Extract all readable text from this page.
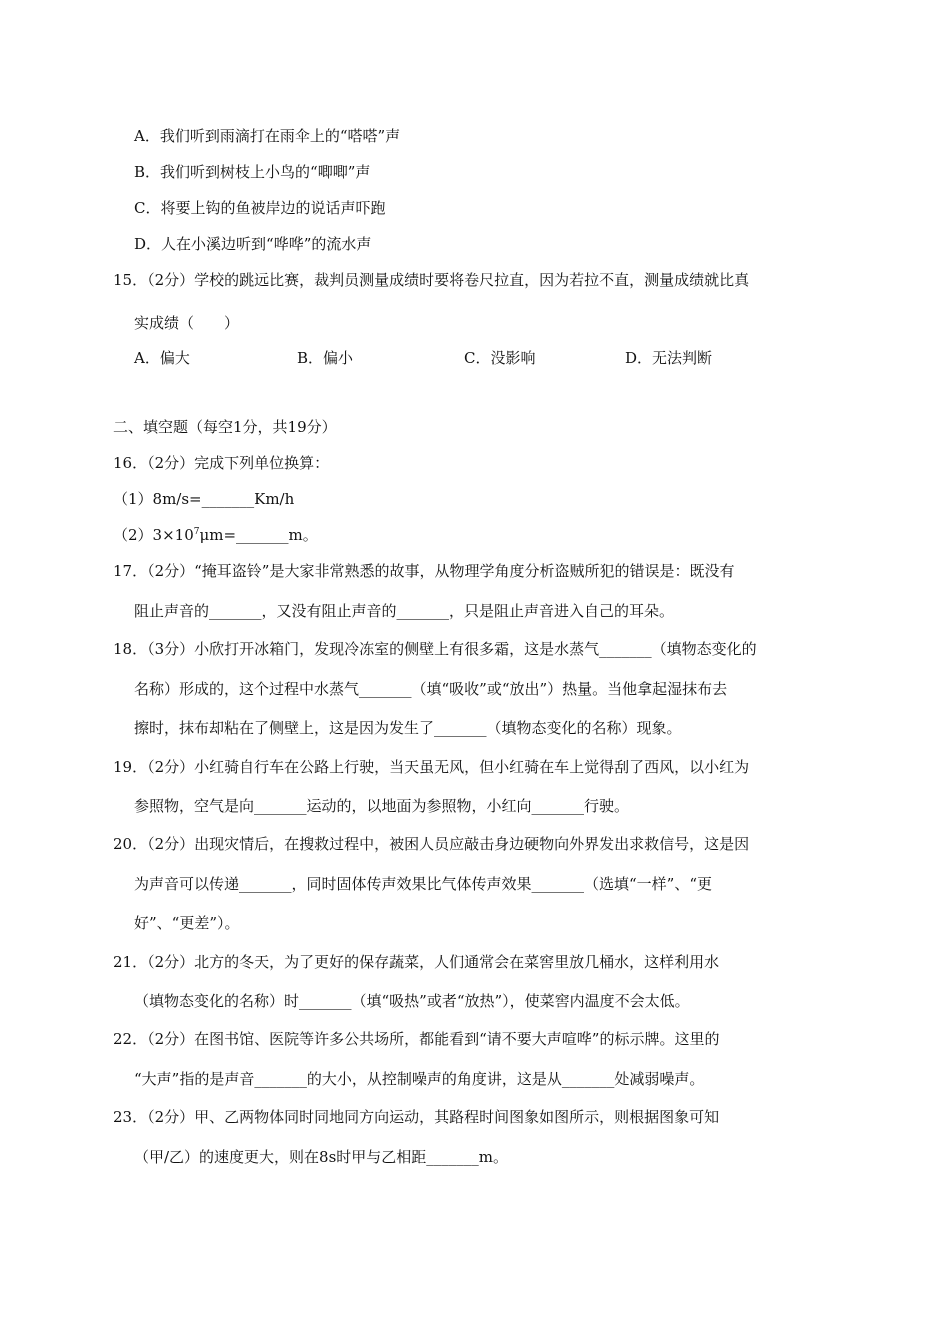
A．我们听到雨滴打在雨伞上的“嗒嗒”声
B．我们听到树枝上小鸟的“唧唧”声
C．将要上钩的鱼被岸边的说话声吓跑
D．人在小溪边听到“哗哗”的流水声
15．（2分）学校的跳远比赛，裁判员测量成绩时要将卷尺拉直，因为若拉不直，测量成绩就比真
实成绩（　　）
A．偏大	B．偏小	C．没影响	D．无法判断
二、填空题（每空1分，共19分）
16．（2分）完成下列单位换算：
（1）8m/s=_______Km/h
$(2)3\times 10^7\mu m=\_\_\_\_\_\_\_m$。
17．（2分）“掩耳盗铃”是大家非常熟悉的故事，从物理学角度分析盗贼所犯的错误是：既没有
阻止声音的_______，又没有阻止声音的_______，只是阻止声音进入自己的耳朵。
18．（3分）小欣打开冰箱门，发现冷冻室的侧壁上有很多霜，这是水蒸气_______（填物态变化的
名称）形成的，这个过程中水蒸气_______（填“吸收”或“放出”）热量。当他拿起湿抹布去
擦时，抹布却粘在了侧壁上，这是因为发生了_______（填物态变化的名称）现象。
19．（2分）小红骑自行车在公路上行驶，当天虽无风，但小红骑在车上觉得刮了西风，以小红为
参照物，空气是向_______运动的，以地面为参照物，小红向_______行驶。
20．（2分）出现灾情后，在搜救过程中，被困人员应敲击身边硬物向外界发出求救信号，这是因
为声音可以传递_______，同时固体传声效果比气体传声效果_______（选填“一样”、“更
好”、“更差”）。
21．（2分）北方的冬天，为了更好的保存蔬菜，人们通常会在菜窖里放几桶水，这样利用水
（填物态变化的名称）时_______（填“吸热”或者“放热”），使菜窖内温度不会太低。
22．（2分）在图书馆、医院等许多公共场所，都能看到“请不要大声喧哗”的标示牌。这里的
“大声”指的是声音_______的大小，从控制噪声的角度讲，这是从_______处减弱噪声。
23．（2分）甲、乙两物体同时同地同方向运动，其路程时间图象如图所示，则根据图象可知
（甲/乙）的速度更大，则在8s时甲与乙相距_______m。
